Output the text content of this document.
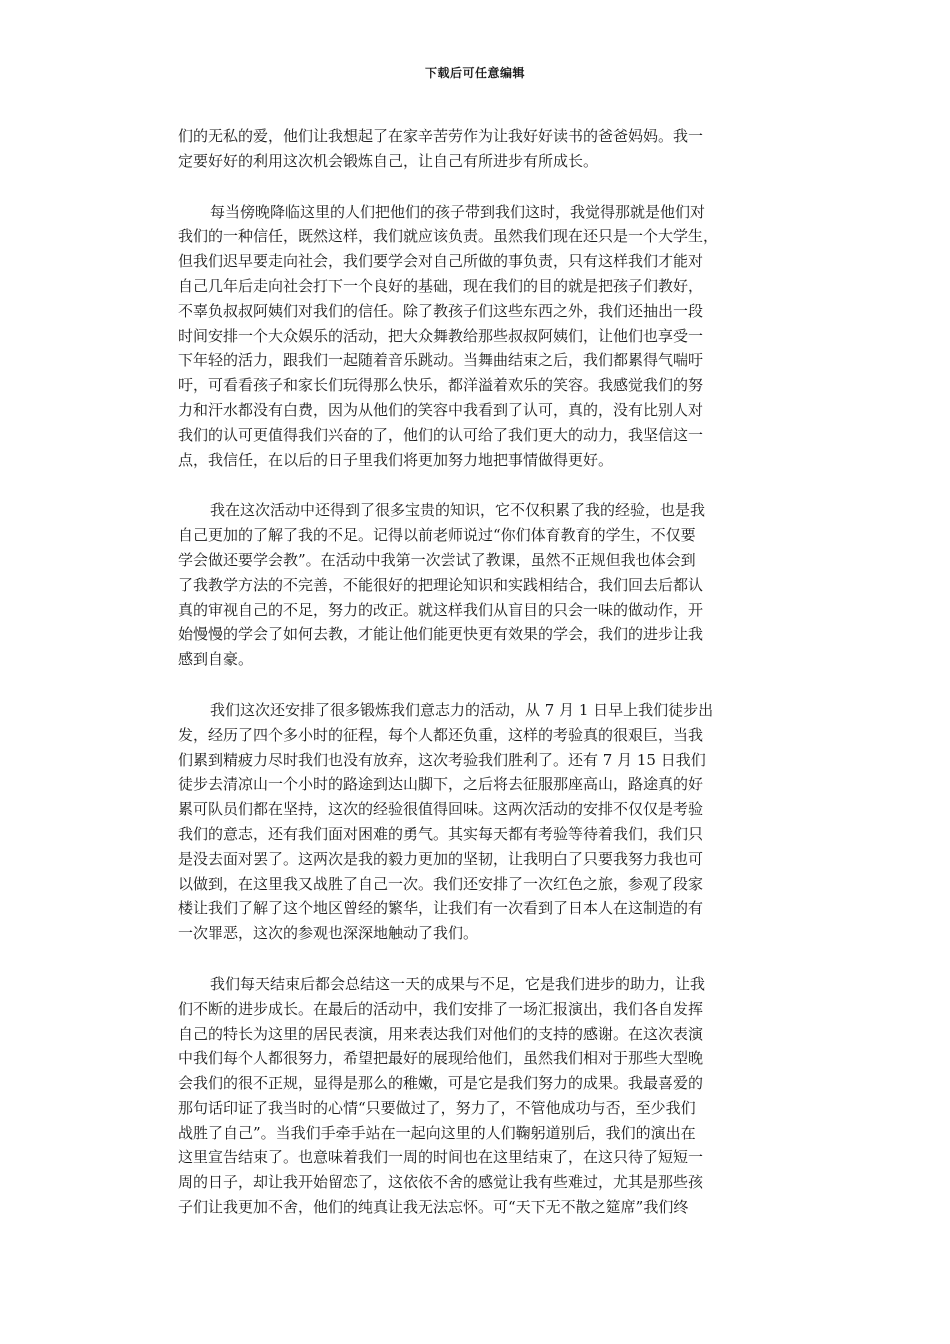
下载后可任意编辑
们的无私的爱，他们让我想起了在家辛苦劳作为让我好好读书的爸爸妈妈。我一
定要好好的利用这次机会锻炼自己，让自己有所进步有所成长。
每当傍晚降临这里的人们把他们的孩子带到我们这时，我觉得那就是他们对
我们的一种信任，既然这样，我们就应该负责。虽然我们现在还只是一个大学生，
但我们迟早要走向社会，我们要学会对自己所做的事负责，只有这样我们才能对
自己几年后走向社会打下一个良好的基础，现在我们的目的就是把孩子们教好，
不辜负叔叔阿姨们对我们的信任。除了教孩子们这些东西之外，我们还抽出一段
时间安排一个大众娱乐的活动，把大众舞教给那些叔叔阿姨们，让他们也享受一
下年轻的活力，跟我们一起随着音乐跳动。当舞曲结束之后，我们都累得气喘吁
吁，可看看孩子和家长们玩得那么快乐，都洋溢着欢乐的笑容。我感觉我们的努
力和汗水都没有白费，因为从他们的笑容中我看到了认可，真的，没有比别人对
我们的认可更值得我们兴奋的了，他们的认可给了我们更大的动力，我坚信这一
点，我信任，在以后的日子里我们将更加努力地把事情做得更好。
我在这次活动中还得到了很多宝贵的知识，它不仅积累了我的经验，也是我
自己更加的了解了我的不足。记得以前老师说过“你们体育教育的学生，不仅要
学会做还要学会教”。在活动中我第一次尝试了教课，虽然不正规但我也体会到
了我教学方法的不完善，不能很好的把理论知识和实践相结合，我们回去后都认
真的审视自己的不足，努力的改正。就这样我们从盲目的只会一味的做动作，开
始慢慢的学会了如何去教，才能让他们能更快更有效果的学会，我们的进步让我
感到自豪。
我们这次还安排了很多锻炼我们意志力的活动，从 7 月 1 日早上我们徒步出
发，经历了四个多小时的征程，每个人都还负重，这样的考验真的很艰巨，当我
们累到精疲力尽时我们也没有放弃，这次考验我们胜利了。还有 7 月 15 日我们
徒步去清凉山一个小时的路途到达山脚下，之后将去征服那座高山，路途真的好
累可队员们都在坚持，这次的经验很值得回味。这两次活动的安排不仅仅是考验
我们的意志，还有我们面对困难的勇气。其实每天都有考验等待着我们，我们只
是没去面对罢了。这两次是我的毅力更加的坚韧，让我明白了只要我努力我也可
以做到，在这里我又战胜了自己一次。我们还安排了一次红色之旅，参观了段家
楼让我们了解了这个地区曾经的繁华，让我们有一次看到了日本人在这制造的有
一次罪恶，这次的参观也深深地触动了我们。
我们每天结束后都会总结这一天的成果与不足，它是我们进步的助力，让我
们不断的进步成长。在最后的活动中，我们安排了一场汇报演出，我们各自发挥
自己的特长为这里的居民表演，用来表达我们对他们的支持的感谢。在这次表演
中我们每个人都很努力，希望把最好的展现给他们，虽然我们相对于那些大型晚
会我们的很不正规，显得是那么的稚嫩，可是它是我们努力的成果。我最喜爱的
那句话印证了我当时的心情“只要做过了，努力了，不管他成功与否，至少我们
战胜了自己”。当我们手牵手站在一起向这里的人们鞠躬道别后，我们的演出在
这里宣告结束了。也意味着我们一周的时间也在这里结束了，在这只待了短短一
周的日子，却让我开始留恋了，这依依不舍的感觉让我有些难过，尤其是那些孩
子们让我更加不舍，他们的纯真让我无法忘怀。可“天下无不散之筵席”我们终
